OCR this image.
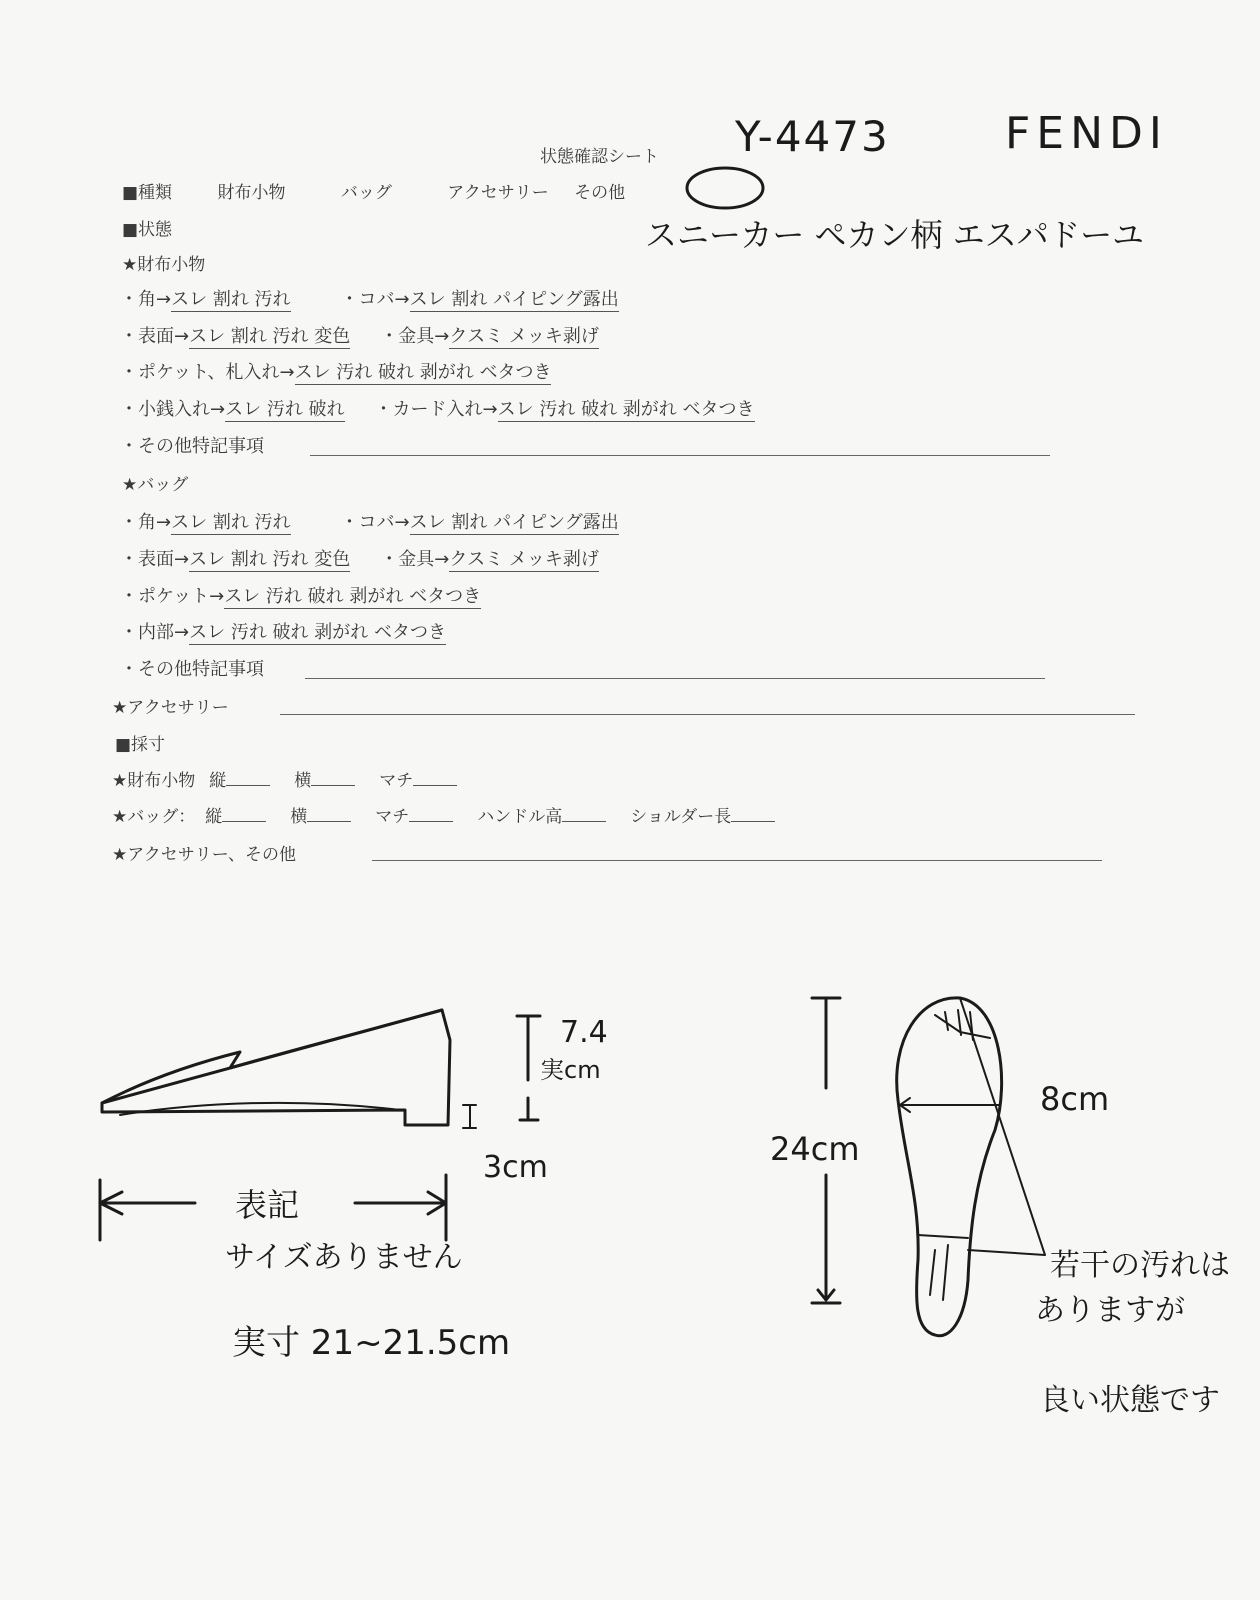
状態確認シート
■種類	財布小物	バッグ	アクセサリー その他
■状態
★財布小物
・角→スレ 割れ 汚れ	・コバ→スレ 割れ パイピング露出
・表面→スレ 割れ 汚れ 変色 ・金具→クスミ メッキ剥げ
・ポケット、札入れ→スレ 汚れ 破れ 剥がれ ベタつき
・小銭入れ→スレ 汚れ 破れ ・カード入れ→スレ 汚れ 破れ 剥がれ ベタつき
・その他特記事項
★バッグ
・角→スレ 割れ 汚れ	・コバ→スレ 割れ パイピング露出
・表面→スレ 割れ 汚れ 変色 ・金具→クスミ メッキ剥げ
・ポケット→スレ 汚れ 破れ 剥がれ ベタつき
・内部→スレ 汚れ 破れ 剥がれ ベタつき
・その他特記事項
★アクセサリー
■採寸
★財布小物 縦	横	マチ
★バッグ： 縦	横	マチ	ハンドル高	ショルダー長
★アクセサリー、その他
Y-4473	FENDI
スニーカー ペカン柄 エスパドーユ
7.4
実cm
3cm
表記
サイズありません
実寸 21~21.5cm
24cm
8cm
若干の汚れは
ありますが
良い状態です
